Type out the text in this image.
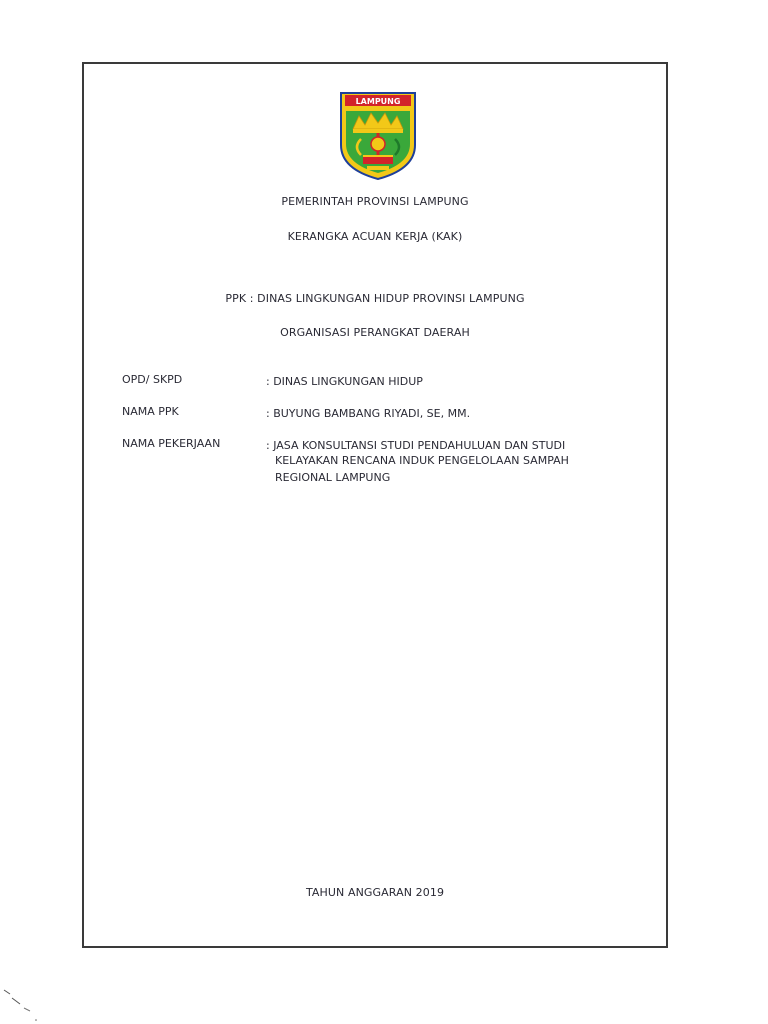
LAMPUNG
PEMERINTAH PROVINSI LAMPUNG
KERANGKA ACUAN KERJA (KAK)
PPK : DINAS LINGKUNGAN HIDUP PROVINSI LAMPUNG
ORGANISASI PERANGKAT DAERAH
OPD/ SKPD	: DINAS LINGKUNGAN HIDUP
NAMA PPK	: BUYUNG BAMBANG RIYADI, SE, MM.
NAMA PEKERJAAN	: JASA KONSULTANSI STUDI PENDAHULUAN DAN STUDI
KELAYAKAN RENCANA INDUK PENGELOLAAN SAMPAH
REGIONAL LAMPUNG
TAHUN ANGGARAN 2019
